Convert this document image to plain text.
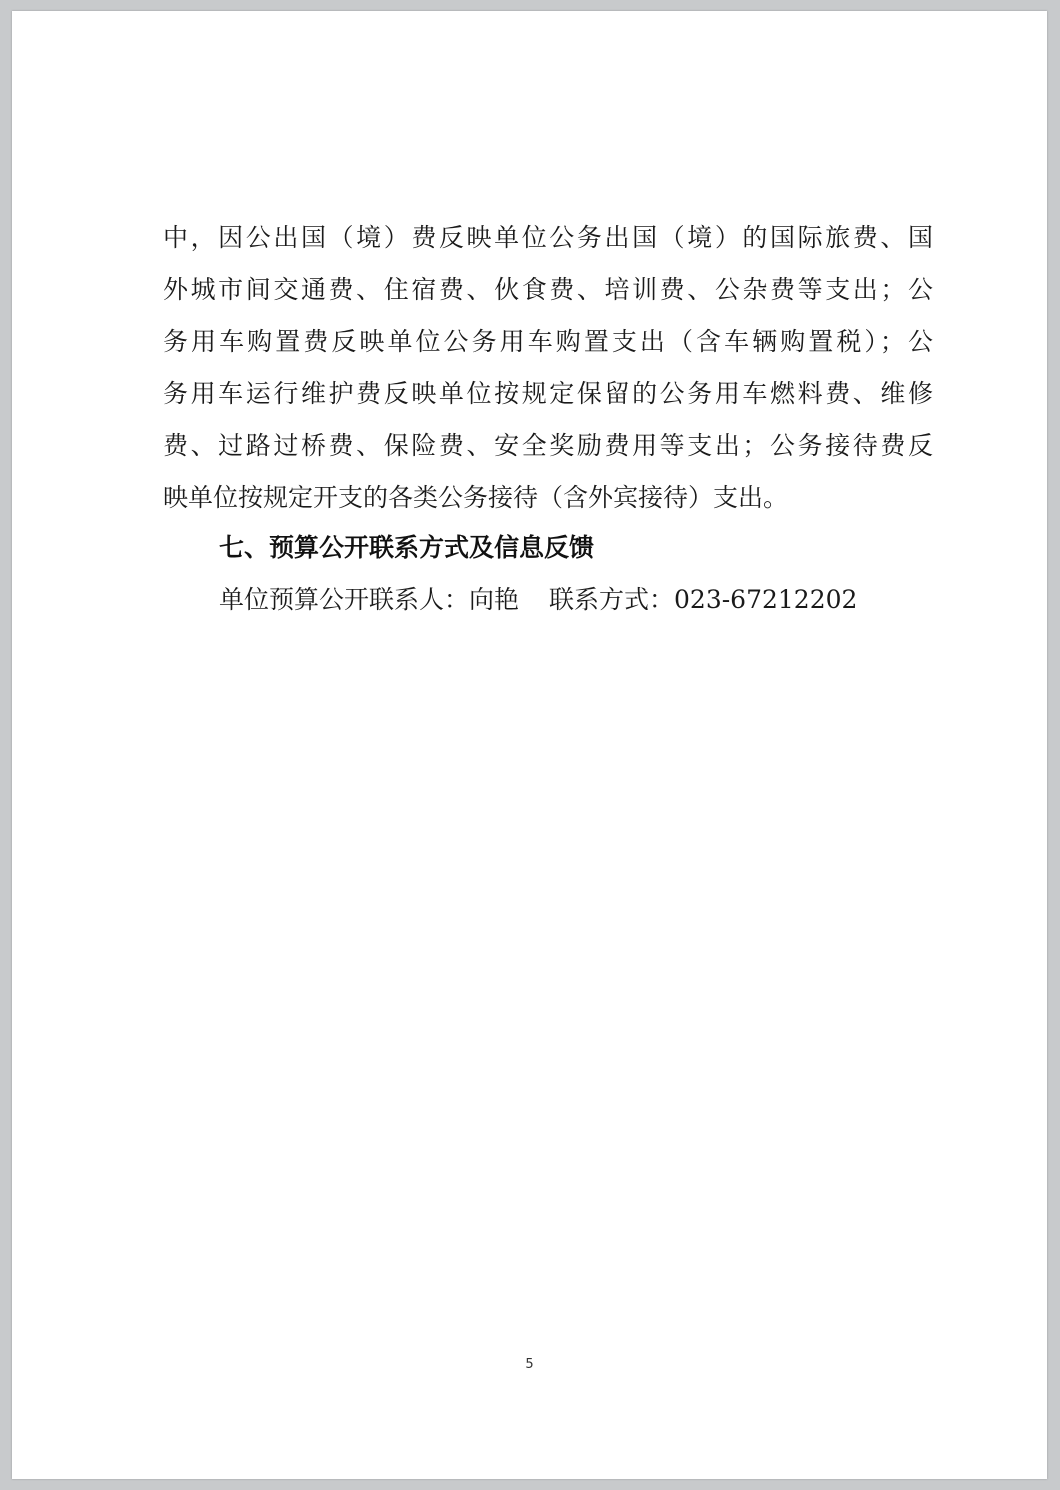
中，因公出国（境）费反映单位公务出国（境）的国际旅费、国
外城市间交通费、住宿费、伙食费、培训费、公杂费等支出；公
务用车购置费反映单位公务用车购置支出（含车辆购置税）；公
务用车运行维护费反映单位按规定保留的公务用车燃料费、维修
费、过路过桥费、保险费、安全奖励费用等支出；公务接待费反
映单位按规定开支的各类公务接待（含外宾接待）支出。
七、预算公开联系方式及信息反馈
单位预算公开联系人：向艳 联系方式：023-67212202
5
